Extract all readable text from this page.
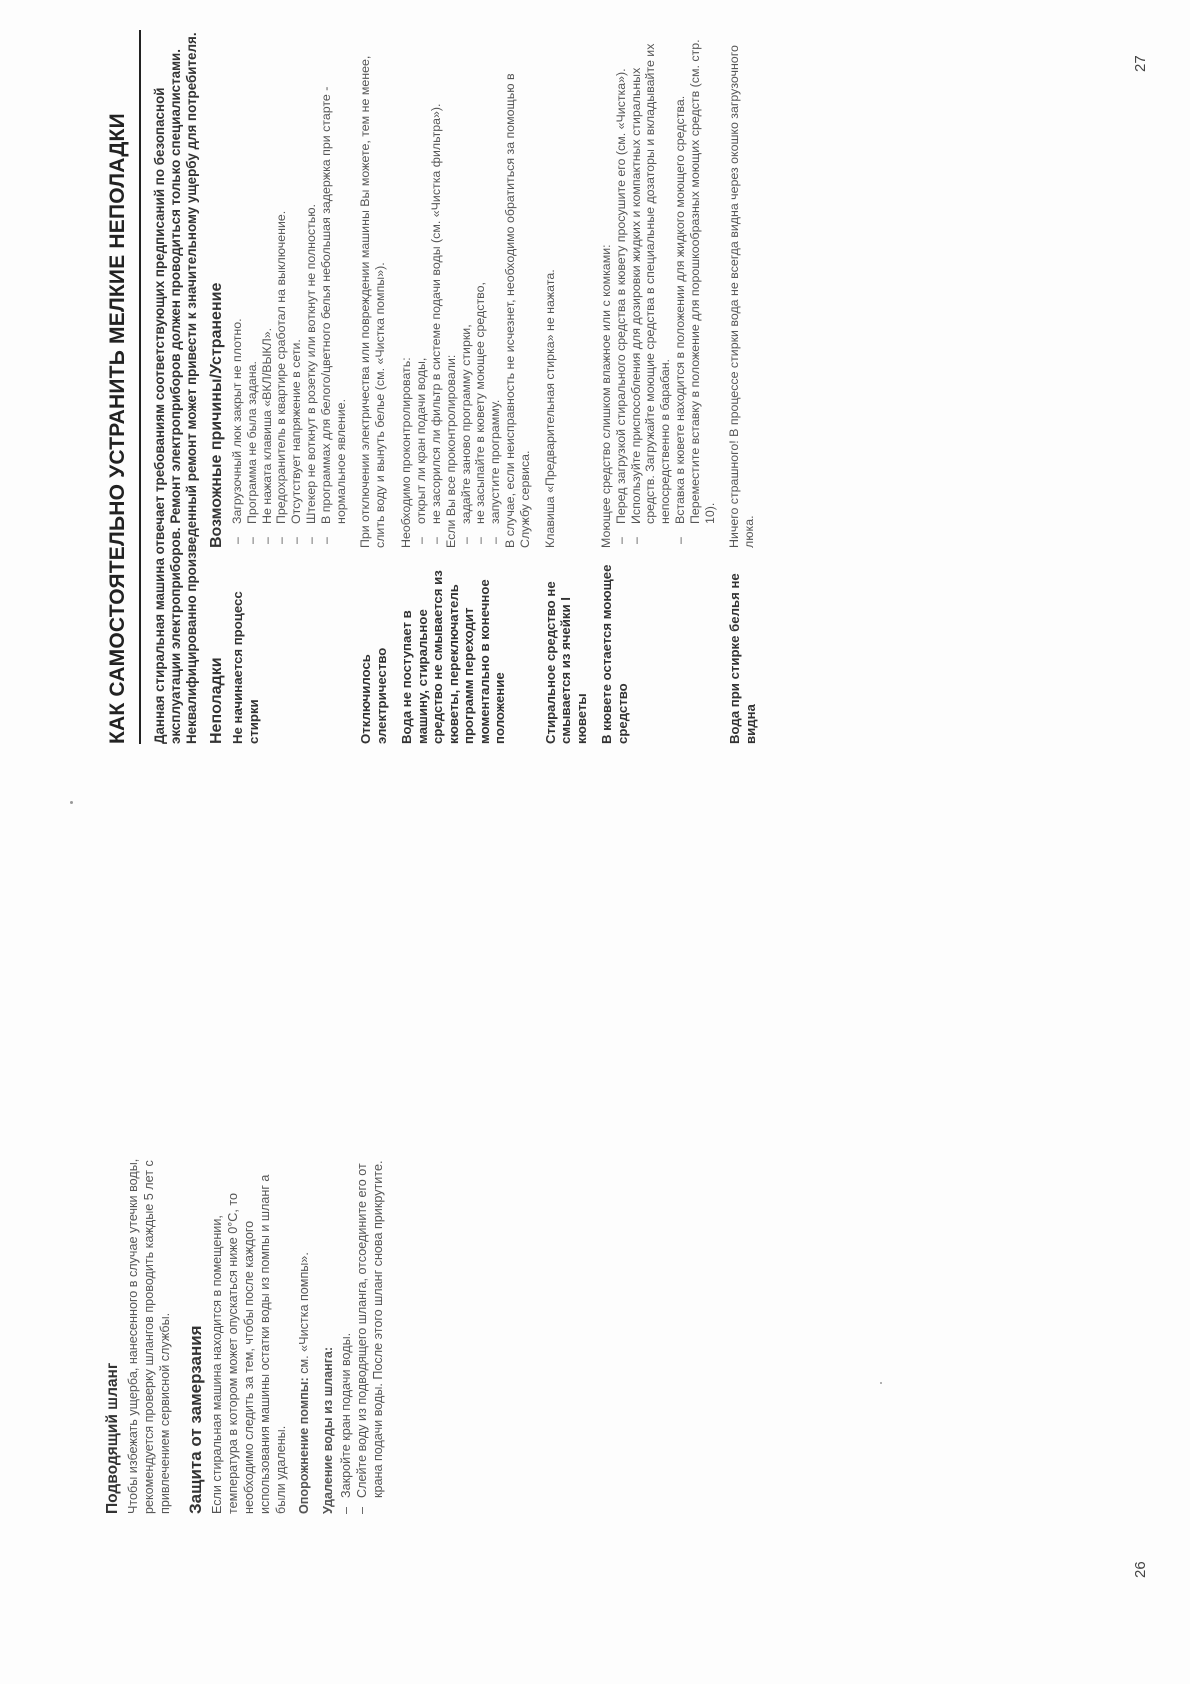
Подводящий шланг Чтобы избежать ущерба, нанесенного в случае утечки воды, рекомендуется проверку шлангов проводить каждые 5 лет с привлечением сервисной службы. Защита от замерзания Если стиральная машина находится в помещении, температура в котором может опускаться ниже 0°С, то необходимо следить за тем, чтобы после каждого использования машины остатки воды из помпы и шланг а были удалены. Опорожнение помпы: см. «Чистка помпы».

Удаление воды из шланга: – Закройте кран подачи воды. – Слейте воду из подводящего шланга, отсоедините его от крана подачи воды. После этого шланг снова прикрутите.
26
КАК САМОСТОЯТЕЛЬНО УСТРАНИТЬ МЕЛКИЕ НЕПОЛАДКИ	Данная стиральная машина отвечает требованиям соответствующих предписаний по безопасной эксплуатации электроприборов. Ремонт электроприборов должен проводиться только специалистами. Неквалифицированно произведенный ремонт может привести к значительному ущербу для потребителя. Неполадки
Возможные причины/Устранение
Не начинается процесс стирки
– Загрузочный люк закрыт не плотно. – Программа не была задана. – Не нажата клавиша «ВКЛ/ВЫКЛ». – Предохранитель в квартире сработал на выключение. – Отсутствует напряжение в сети. – Штекер не воткнут в розетку или воткнут не полностью. – В программах для белого/цветного белья небольшая задержка при старте - нормальное явление.
Отключилось электричество

При отключении электричества или повреждении машины Вы можете, тем не менее, слить воду и вынуть белье (см. «Чистка помпы»).

Вода не поступает в машину, стиральное средство не смывается из кюветы, переключатель программ переходит моментально в конечное положение

Необходимо проконтролировать: – открыт ли кран подачи воды, – не засорился ли фильтр в системе подачи воды (см. «Чистка фильтра»). Если Вы все проконтролировали: – задайте заново программу стирки, – не засыпайте в кювету моющее средство, – запустите программу. В случае, если неисправность не исчезнет, необходимо обратиться за помощью в Службу сервиса.

Стиральное средство не смывается из ячейки I кюветы

Клавиша «Предварительная стирка» не нажата.

В кювете остается моющее средство

Моющее средство слишком влажное или с комками: – Перед загрузкой стирального средства в кювету просушите его (см. «Чистка»). – Используйте приспособления для дозировки жидких и компактных стиральных средств. Загружайте моющие средства в специальные дозаторы и вкладывайте их непосредственно в барабан. – Вставка в кювете находится в положении для жидкого моющего средства. Переместите вставку в положение для порошкообразных моющих средств (см. стр. 10).
Вода при стирке белья не видна

Ничего страшного! В процессе стирки вода не всегда видна через окошко загрузочного люка.

27
